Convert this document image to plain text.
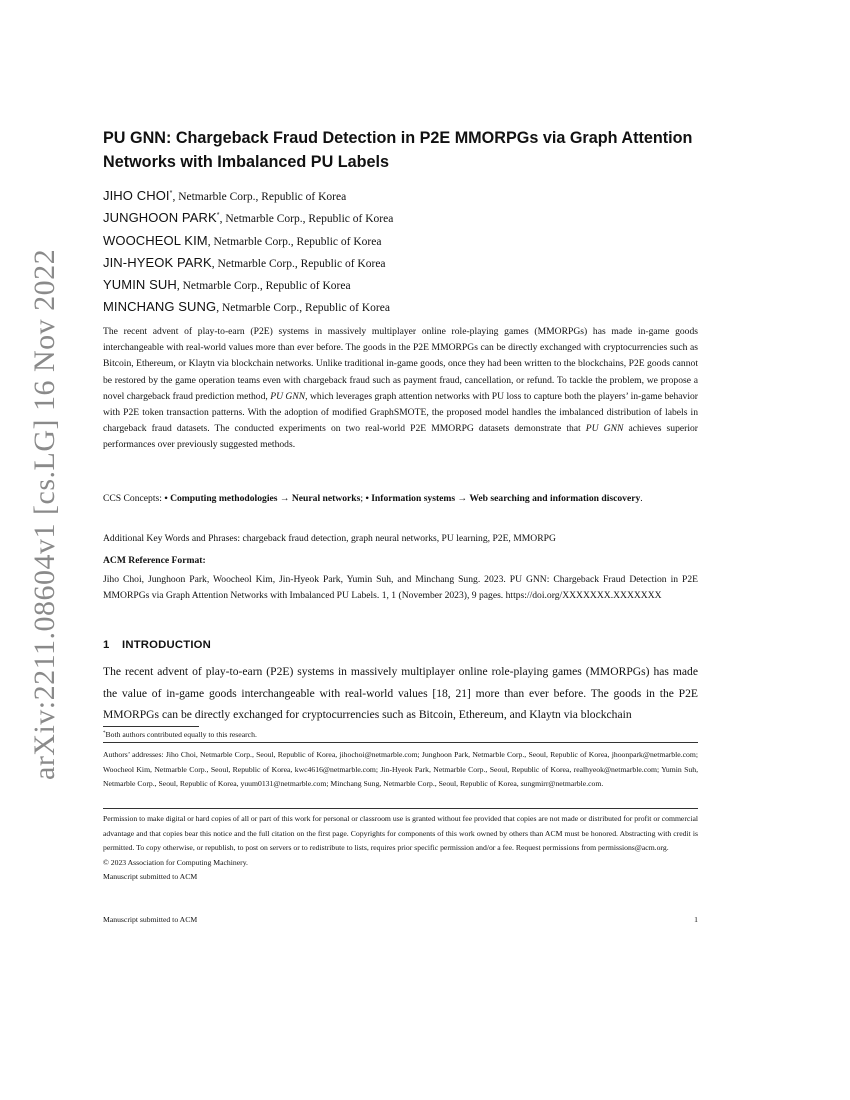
arXiv:2211.08604v1 [cs.LG] 16 Nov 2022
PU GNN: Chargeback Fraud Detection in P2E MMORPGs via Graph Attention Networks with Imbalanced PU Labels
JIHO CHOI*, Netmarble Corp., Republic of Korea
JUNGHOON PARK*, Netmarble Corp., Republic of Korea
WOOCHEOL KIM, Netmarble Corp., Republic of Korea
JIN-HYEOK PARK, Netmarble Corp., Republic of Korea
YUMIN SUH, Netmarble Corp., Republic of Korea
MINCHANG SUNG, Netmarble Corp., Republic of Korea

The recent advent of play-to-earn (P2E) systems in massively multiplayer online role-playing games (MMORPGs) has made in-game goods interchangeable with real-world values more than ever before. The goods in the P2E MMORPGs can be directly exchanged with cryptocurrencies such as Bitcoin, Ethereum, or Klaytn via blockchain networks. Unlike traditional in-game goods, once they had been written to the blockchains, P2E goods cannot be restored by the game operation teams even with chargeback fraud such as payment fraud, cancellation, or refund. To tackle the problem, we propose a novel chargeback fraud prediction method, PU GNN, which leverages graph attention networks with PU loss to capture both the players’ in-game behavior with P2E token transaction patterns. With the adoption of modified GraphSMOTE, the proposed model handles the imbalanced distribution of labels in chargeback fraud datasets. The conducted experiments on two real-world P2E MMORPG datasets demonstrate that PU GNN achieves superior performances over previously suggested methods.

CCS Concepts: • Computing methodologies → Neural networks; • Information systems → Web searching and information discovery.

Additional Key Words and Phrases: chargeback fraud detection, graph neural networks, PU learning, P2E, MMORPG

ACM Reference Format:

Jiho Choi, Junghoon Park, Woocheol Kim, Jin-Hyeok Park, Yumin Suh, and Minchang Sung. 2023. PU GNN: Chargeback Fraud Detection in P2E MMORPGs via Graph Attention Networks with Imbalanced PU Labels. 1, 1 (November 2023), 9 pages. https://doi.org/XXXXXXX.XXXXXXX

1 INTRODUCTION

The recent advent of play-to-earn (P2E) systems in massively multiplayer online role-playing games (MMORPGs) has made the value of in-game goods interchangeable with real-world values [18, 21] more than ever before. The goods in the P2E MMORPGs can be directly exchanged for cryptocurrencies such as Bitcoin, Ethereum, and Klaytn via blockchain

*Both authors contributed equally to this research.

Authors’ addresses: Jiho Choi, Netmarble Corp., Seoul, Republic of Korea, jihochoi@netmarble.com; Junghoon Park, Netmarble Corp., Seoul, Republic of Korea, jhoonpark@netmarble.com; Woocheol Kim, Netmarble Corp., Seoul, Republic of Korea, kwc4616@netmarble.com; Jin-Hyeok Park, Netmarble Corp., Seoul, Republic of Korea, realhyeok@netmarble.com; Yumin Suh, Netmarble Corp., Seoul, Republic of Korea, yuum0131@netmarble.com; Minchang Sung, Netmarble Corp., Seoul, Republic of Korea, sungmirr@netmarble.com.

Permission to make digital or hard copies of all or part of this work for personal or classroom use is granted without fee provided that copies are not made or distributed for profit or commercial advantage and that copies bear this notice and the full citation on the first page. Copyrights for components of this work owned by others than ACM must be honored. Abstracting with credit is permitted. To copy otherwise, or republish, to post on servers or to redistribute to lists, requires prior specific permission and/or a fee. Request permissions from permissions@acm.org.
© 2023 Association for Computing Machinery.
Manuscript submitted to ACM
Manuscript submitted to ACM	1
